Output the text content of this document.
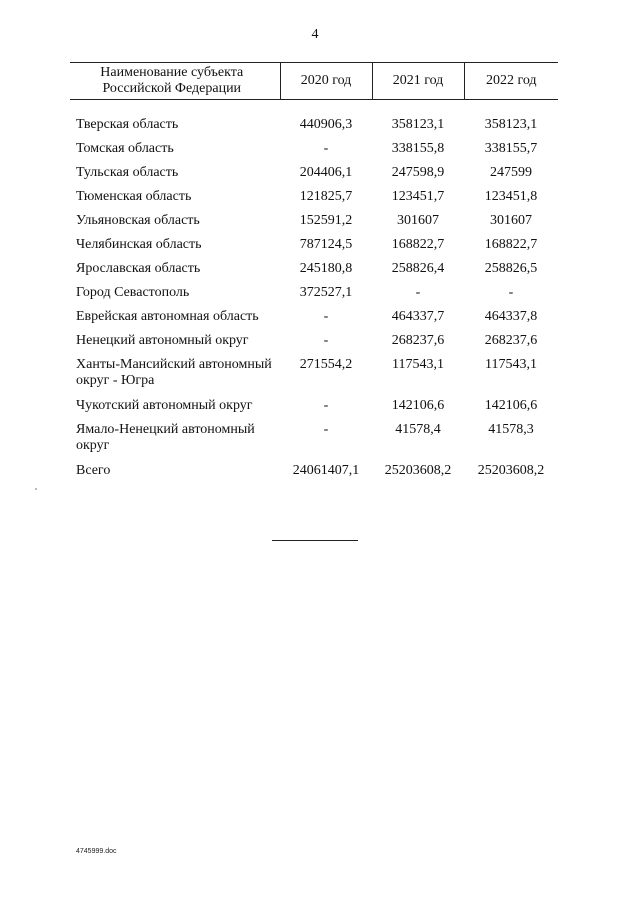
4
Наименование субъекта Российской Федерации	2020 год	2021 год	2022 год

Тверская область	440906,3	358123,1	358123,1
Томская область	-	338155,8	338155,7
Тульская область	204406,1	247598,9	247599
Тюменская область	121825,7	123451,7	123451,8
Ульяновская область	152591,2	301607	301607
Челябинская область	787124,5	168822,7	168822,7
Ярославская область	245180,8	258826,4	258826,5
Город Севастополь	372527,1	-	-
Еврейская автономная область	-	464337,7	464337,8
Ненецкий автономный округ	-	268237,6	268237,6
Ханты-Мансийский автономный округ - Югра	271554,2	117543,1	117543,1
Чукотский автономный округ	-	142106,6	142106,6
Ямало-Ненецкий автономный округ	-	41578,4	41578,3
Всего	24061407,1	25203608,2	25203608,2
4745999.doc
